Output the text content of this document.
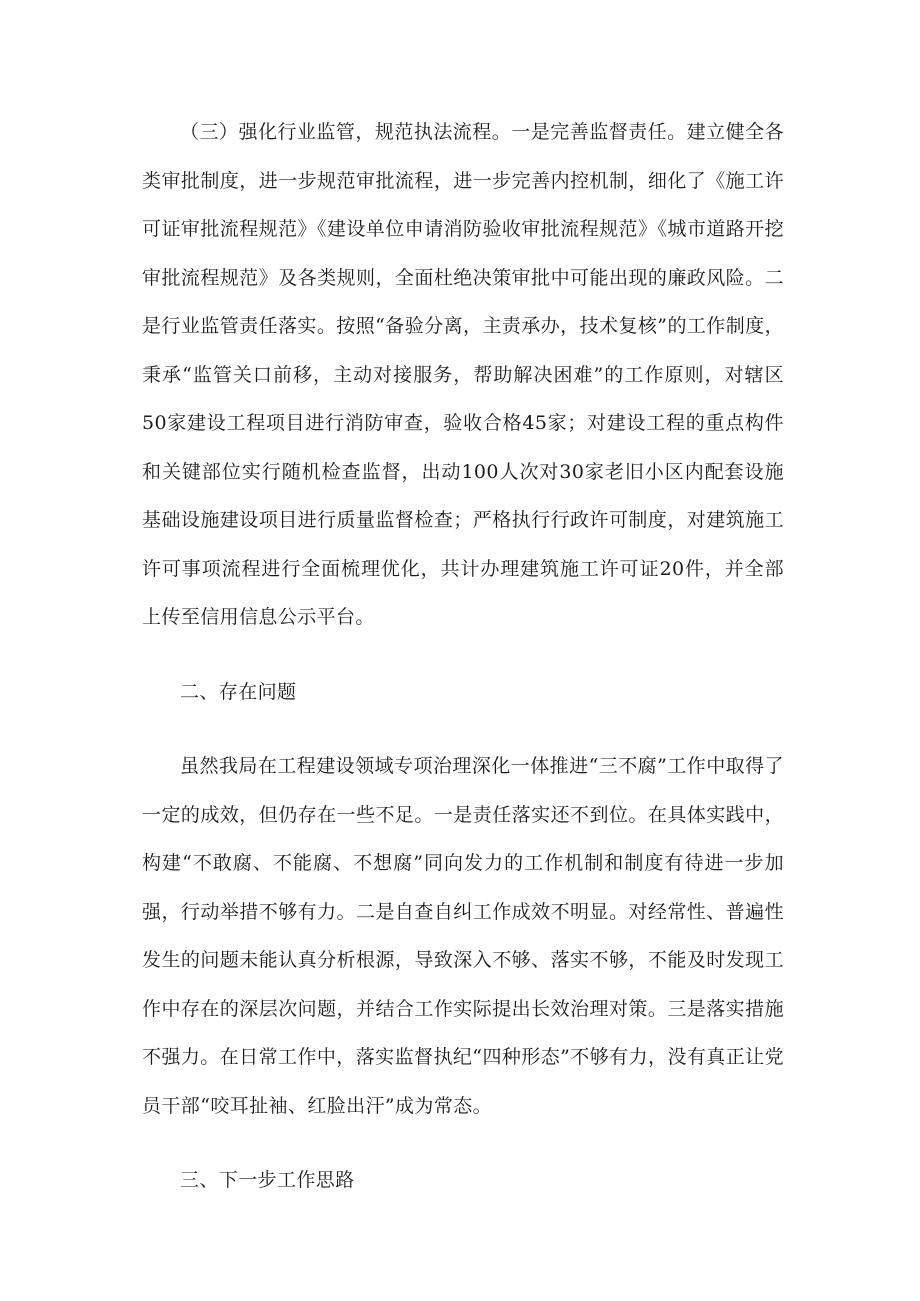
（三）强化行业监管，规范执法流程。一是完善监督责任。建立健全各类审批制度，进一步规范审批流程，进一步完善内控机制，细化了《施工许可证审批流程规范》《建设单位申请消防验收审批流程规范》《城市道路开挖审批流程规范》及各类规则，全面杜绝决策审批中可能出现的廉政风险。二是行业监管责任落实。按照“备验分离，主责承办，技术复核”的工作制度，秉承“监管关口前移，主动对接服务，帮助解决困难”的工作原则，对辖区50家建设工程项目进行消防审查，验收合格45家；对建设工程的重点构件和关键部位实行随机检查监督，出动100人次对30家老旧小区内配套设施基础设施建设项目进行质量监督检查；严格执行行政许可制度，对建筑施工许可事项流程进行全面梳理优化，共计办理建筑施工许可证20件，并全部上传至信用信息公示平台。

二、存在问题

虽然我局在工程建设领域专项治理深化一体推进“三不腐”工作中取得了一定的成效，但仍存在一些不足。一是责任落实还不到位。在具体实践中，构建“不敢腐、不能腐、不想腐”同向发力的工作机制和制度有待进一步加强，行动举措不够有力。二是自查自纠工作成效不明显。对经常性、普遍性发生的问题未能认真分析根源，导致深入不够、落实不够，不能及时发现工作中存在的深层次问题，并结合工作实际提出长效治理对策。三是落实措施不强力。在日常工作中，落实监督执纪“四种形态”不够有力，没有真正让党员干部“咬耳扯袖、红脸出汗”成为常态。

三、下一步工作思路
